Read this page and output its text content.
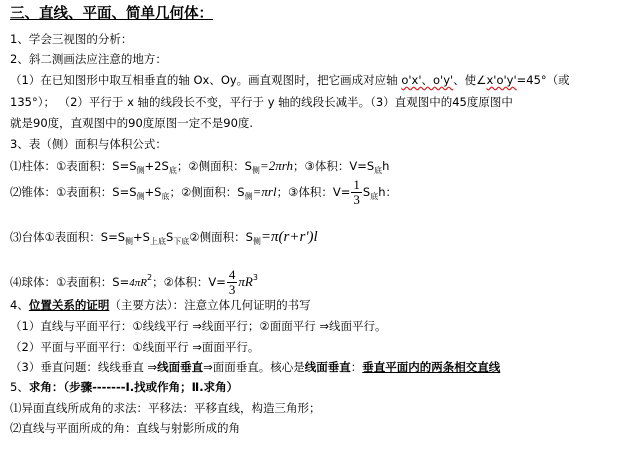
三、直线、平面、简单几何体：
1、学会三视图的分析：
2、斜二测画法应注意的地方：
（1）在已知图形中取互相垂直的轴 Ox、Oy。画直观图时，把它画成对应轴 o'x'、o'y'、使∠x'o'y'=45°（或
135°）； （2）平行于 x 轴的线段长不变，平行于 y 轴的线段长减半。（3）直观图中的45度原图中
就是90度，直观图中的90度原图一定不是90度.
3、表（侧）面积与体积公式：
⑴柱体：①表面积：$S=S_侧+2S_底$；②侧面积：$S_侧=2\pi rh$；③体积：$V=S_底h$
⑵锥体：①表面积：$S=S_侧+S_底$；②侧面积：$S_侧=\pi rl$；③体积：$V= \frac{1}{3} S_底h$：
⑶台体①表面积：$S=S_侧+S_{上底}S_{下底}②$侧面积：$S_侧=\pi(r+r')l$
⑷球体：①表面积：$S=4\pi R^2$；②体积：$V= \frac{4}{3} \pi R^3$
4、位置关系的证明（主要方法）：注意立体几何证明的书写
（1）直线与平面平行：①线线平行 ⇒线面平行；②面面平行 ⇒线面平行。
（2）平面与平面平行：①线面平行 ⇒面面平行。
（3）垂直问题：线线垂直 ⇒线面垂直⇒面面垂直。核心是线面垂直：垂直平面内的两条相交直线
5、求角：（步骤-------Ⅰ.找或作角；Ⅱ.求角）
⑴异面直线所成角的求法：平移法：平移直线，构造三角形；
⑵直线与平面所成的角：直线与射影所成的角
